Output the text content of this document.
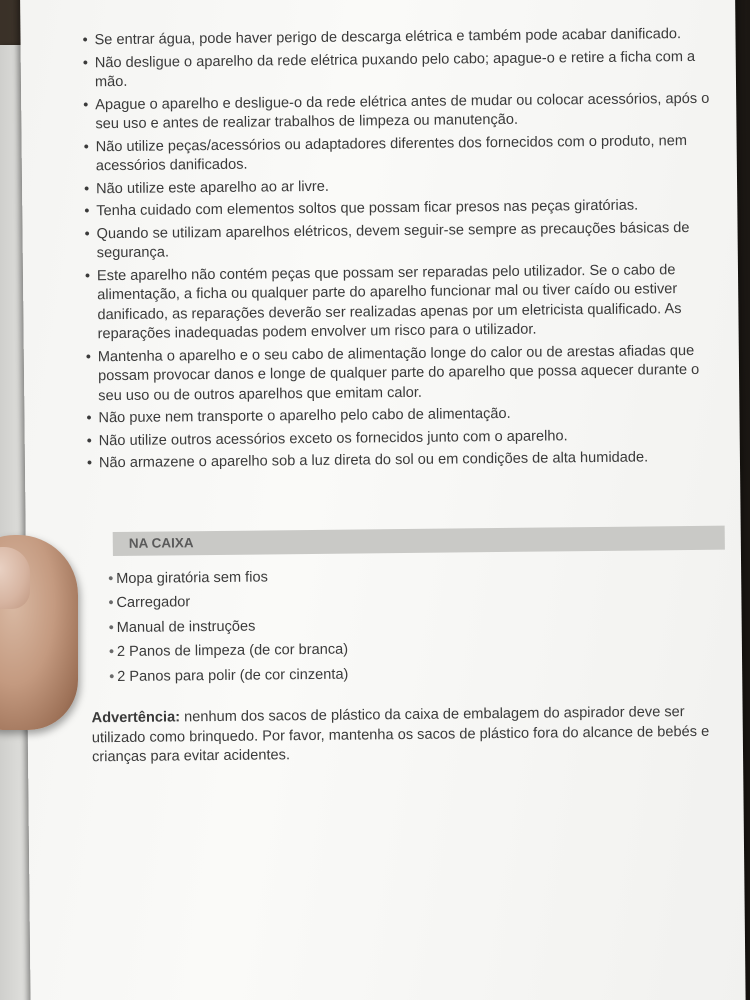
• Se entrar água, pode haver perigo de descarga elétrica e também pode acabar danificado.
• Não desligue o aparelho da rede elétrica puxando pelo cabo; apague-o e retire a ficha com a mão.
• Apague o aparelho e desligue-o da rede elétrica antes de mudar ou colocar acessórios, após o seu uso e antes de realizar trabalhos de limpeza ou manutenção.
• Não utilize peças/acessórios ou adaptadores diferentes dos fornecidos com o produto, nem acessórios danificados.
• Não utilize este aparelho ao ar livre.
• Tenha cuidado com elementos soltos que possam ficar presos nas peças giratórias.
• Quando se utilizam aparelhos elétricos, devem seguir-se sempre as precauções básicas de segurança.
• Este aparelho não contém peças que possam ser reparadas pelo utilizador. Se o cabo de alimentação, a ficha ou qualquer parte do aparelho funcionar mal ou tiver caído ou estiver danificado, as reparações deverão ser realizadas apenas por um eletricista qualificado. As reparações inadequadas podem envolver um risco para o utilizador.
• Mantenha o aparelho e o seu cabo de alimentação longe do calor ou de arestas afiadas que possam provocar danos e longe de qualquer parte do aparelho que possa aquecer durante o seu uso ou de outros aparelhos que emitam calor.
• Não puxe nem transporte o aparelho pelo cabo de alimentação.
• Não utilize outros acessórios exceto os fornecidos junto com o aparelho.
• Não armazene o aparelho sob a luz direta do sol ou em condições de alta humidade.
NA CAIXA
• Mopa giratória sem fios
• Carregador
• Manual de instruções
• 2 Panos de limpeza (de cor branca)
• 2 Panos para polir (de cor cinzenta)

Advertência: nenhum dos sacos de plástico da caixa de embalagem do aspirador deve ser utilizado como brinquedo. Por favor, mantenha os sacos de plástico fora do alcance de bebés e crianças para evitar acidentes.
